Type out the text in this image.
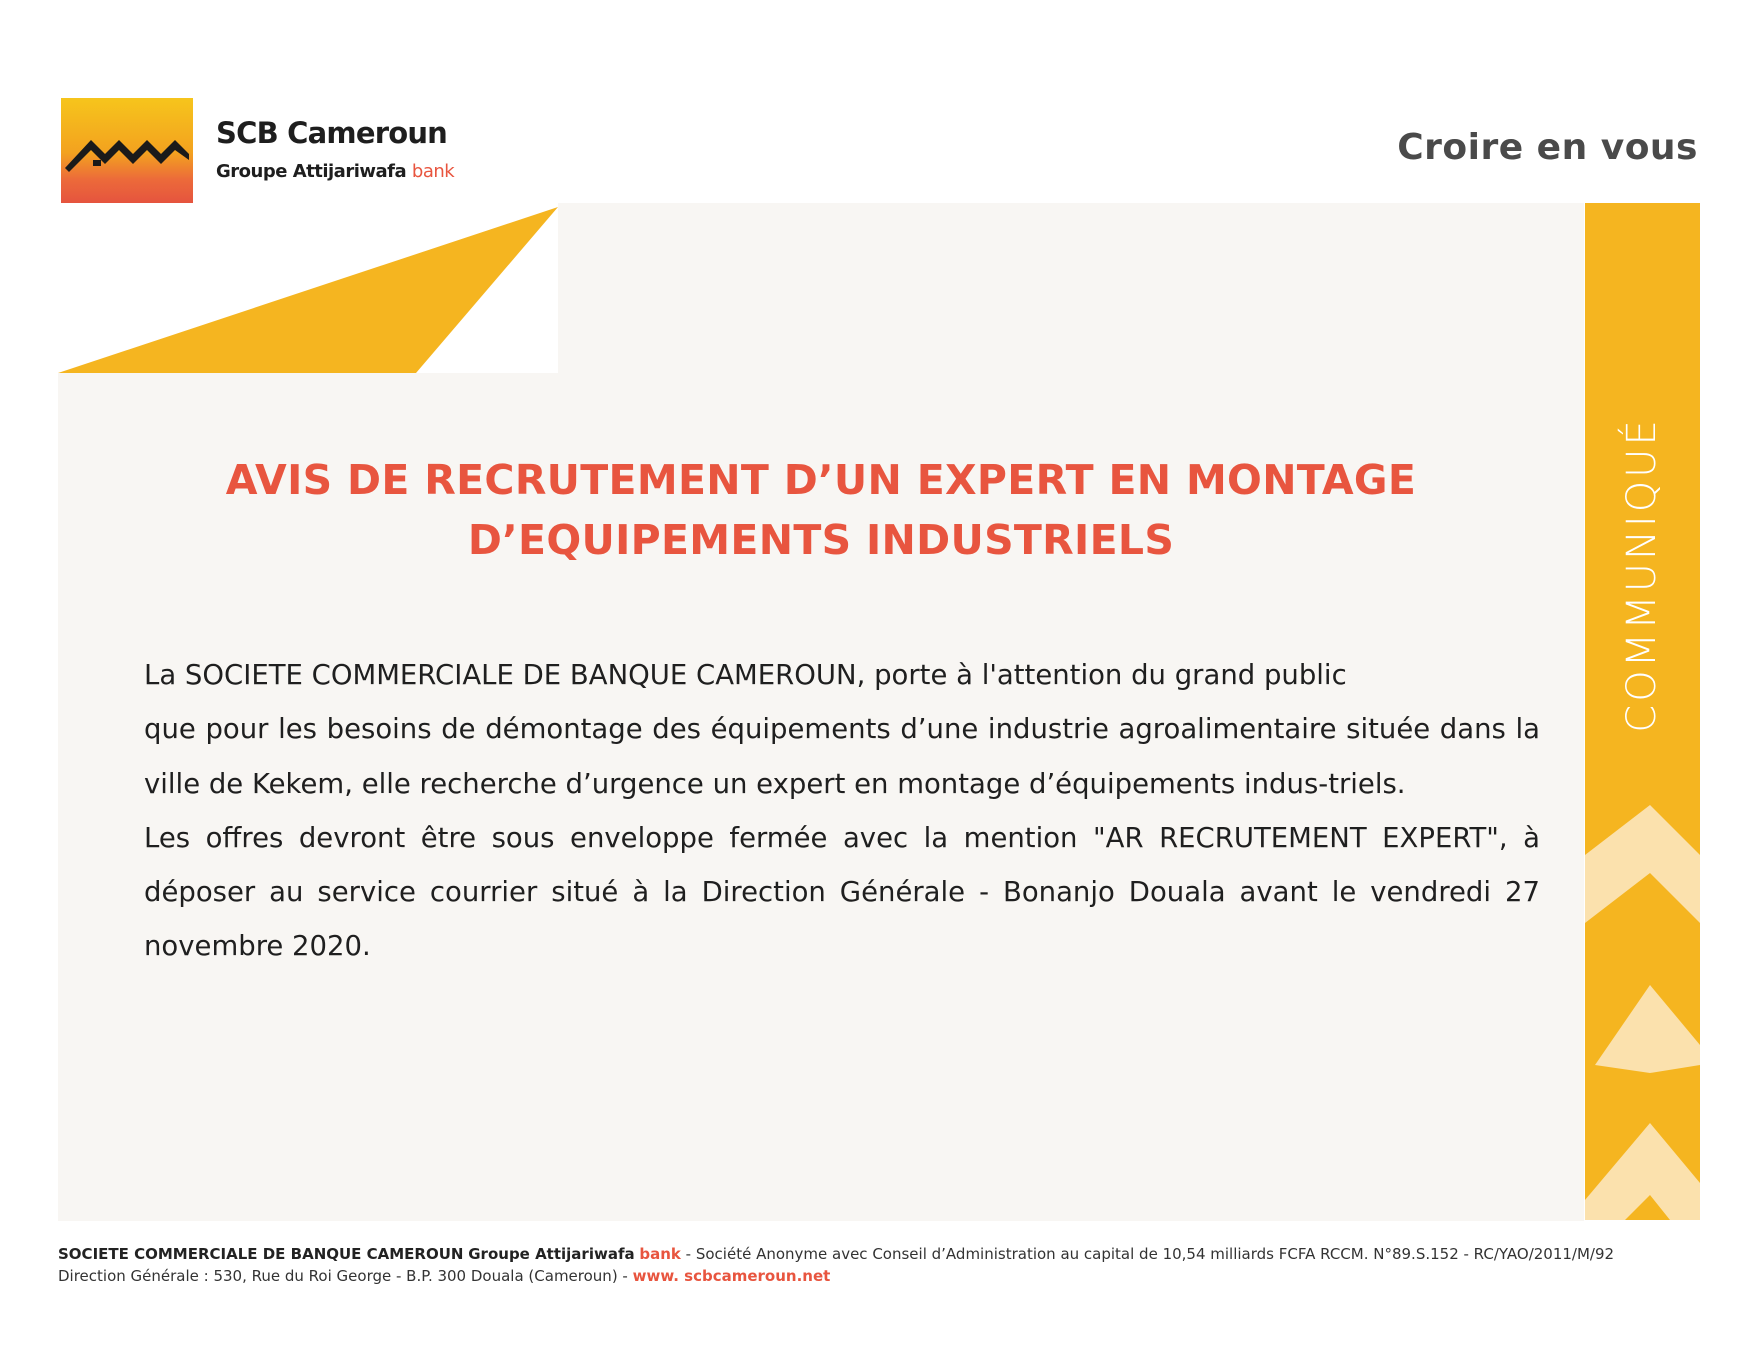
SCB Cameroun
Groupe Attijariwafa bank
Croire en vous
COMMUNIQUÉ
AVIS DE RECRUTEMENT D’UN EXPERT EN MONTAGE
D’EQUIPEMENTS INDUSTRIELS

La SOCIETE COMMERCIALE DE BANQUE CAMEROUN, porte à l'attention du grand public

que pour les besoins de démontage des équipements d’une industrie agroalimentaire située dans la ville de Kekem, elle recherche d’urgence un expert en montage d’équipements indus-triels.

Les offres devront être sous enveloppe fermée avec la mention "AR RECRUTEMENT EXPERT", à déposer au service courrier situé à la Direction Générale - Bonanjo Douala avant le vendredi 27 novembre 2020.

SOCIETE COMMERCIALE DE BANQUE CAMEROUN Groupe Attijariwafa bank - Société Anonyme avec Conseil d’Administration au capital de 10,54 milliards FCFA RCCM. N°89.S.152 - RC/YAO/2011/M/92
Direction Générale : 530, Rue du Roi George - B.P. 300 Douala (Cameroun) - www. scbcameroun.net
